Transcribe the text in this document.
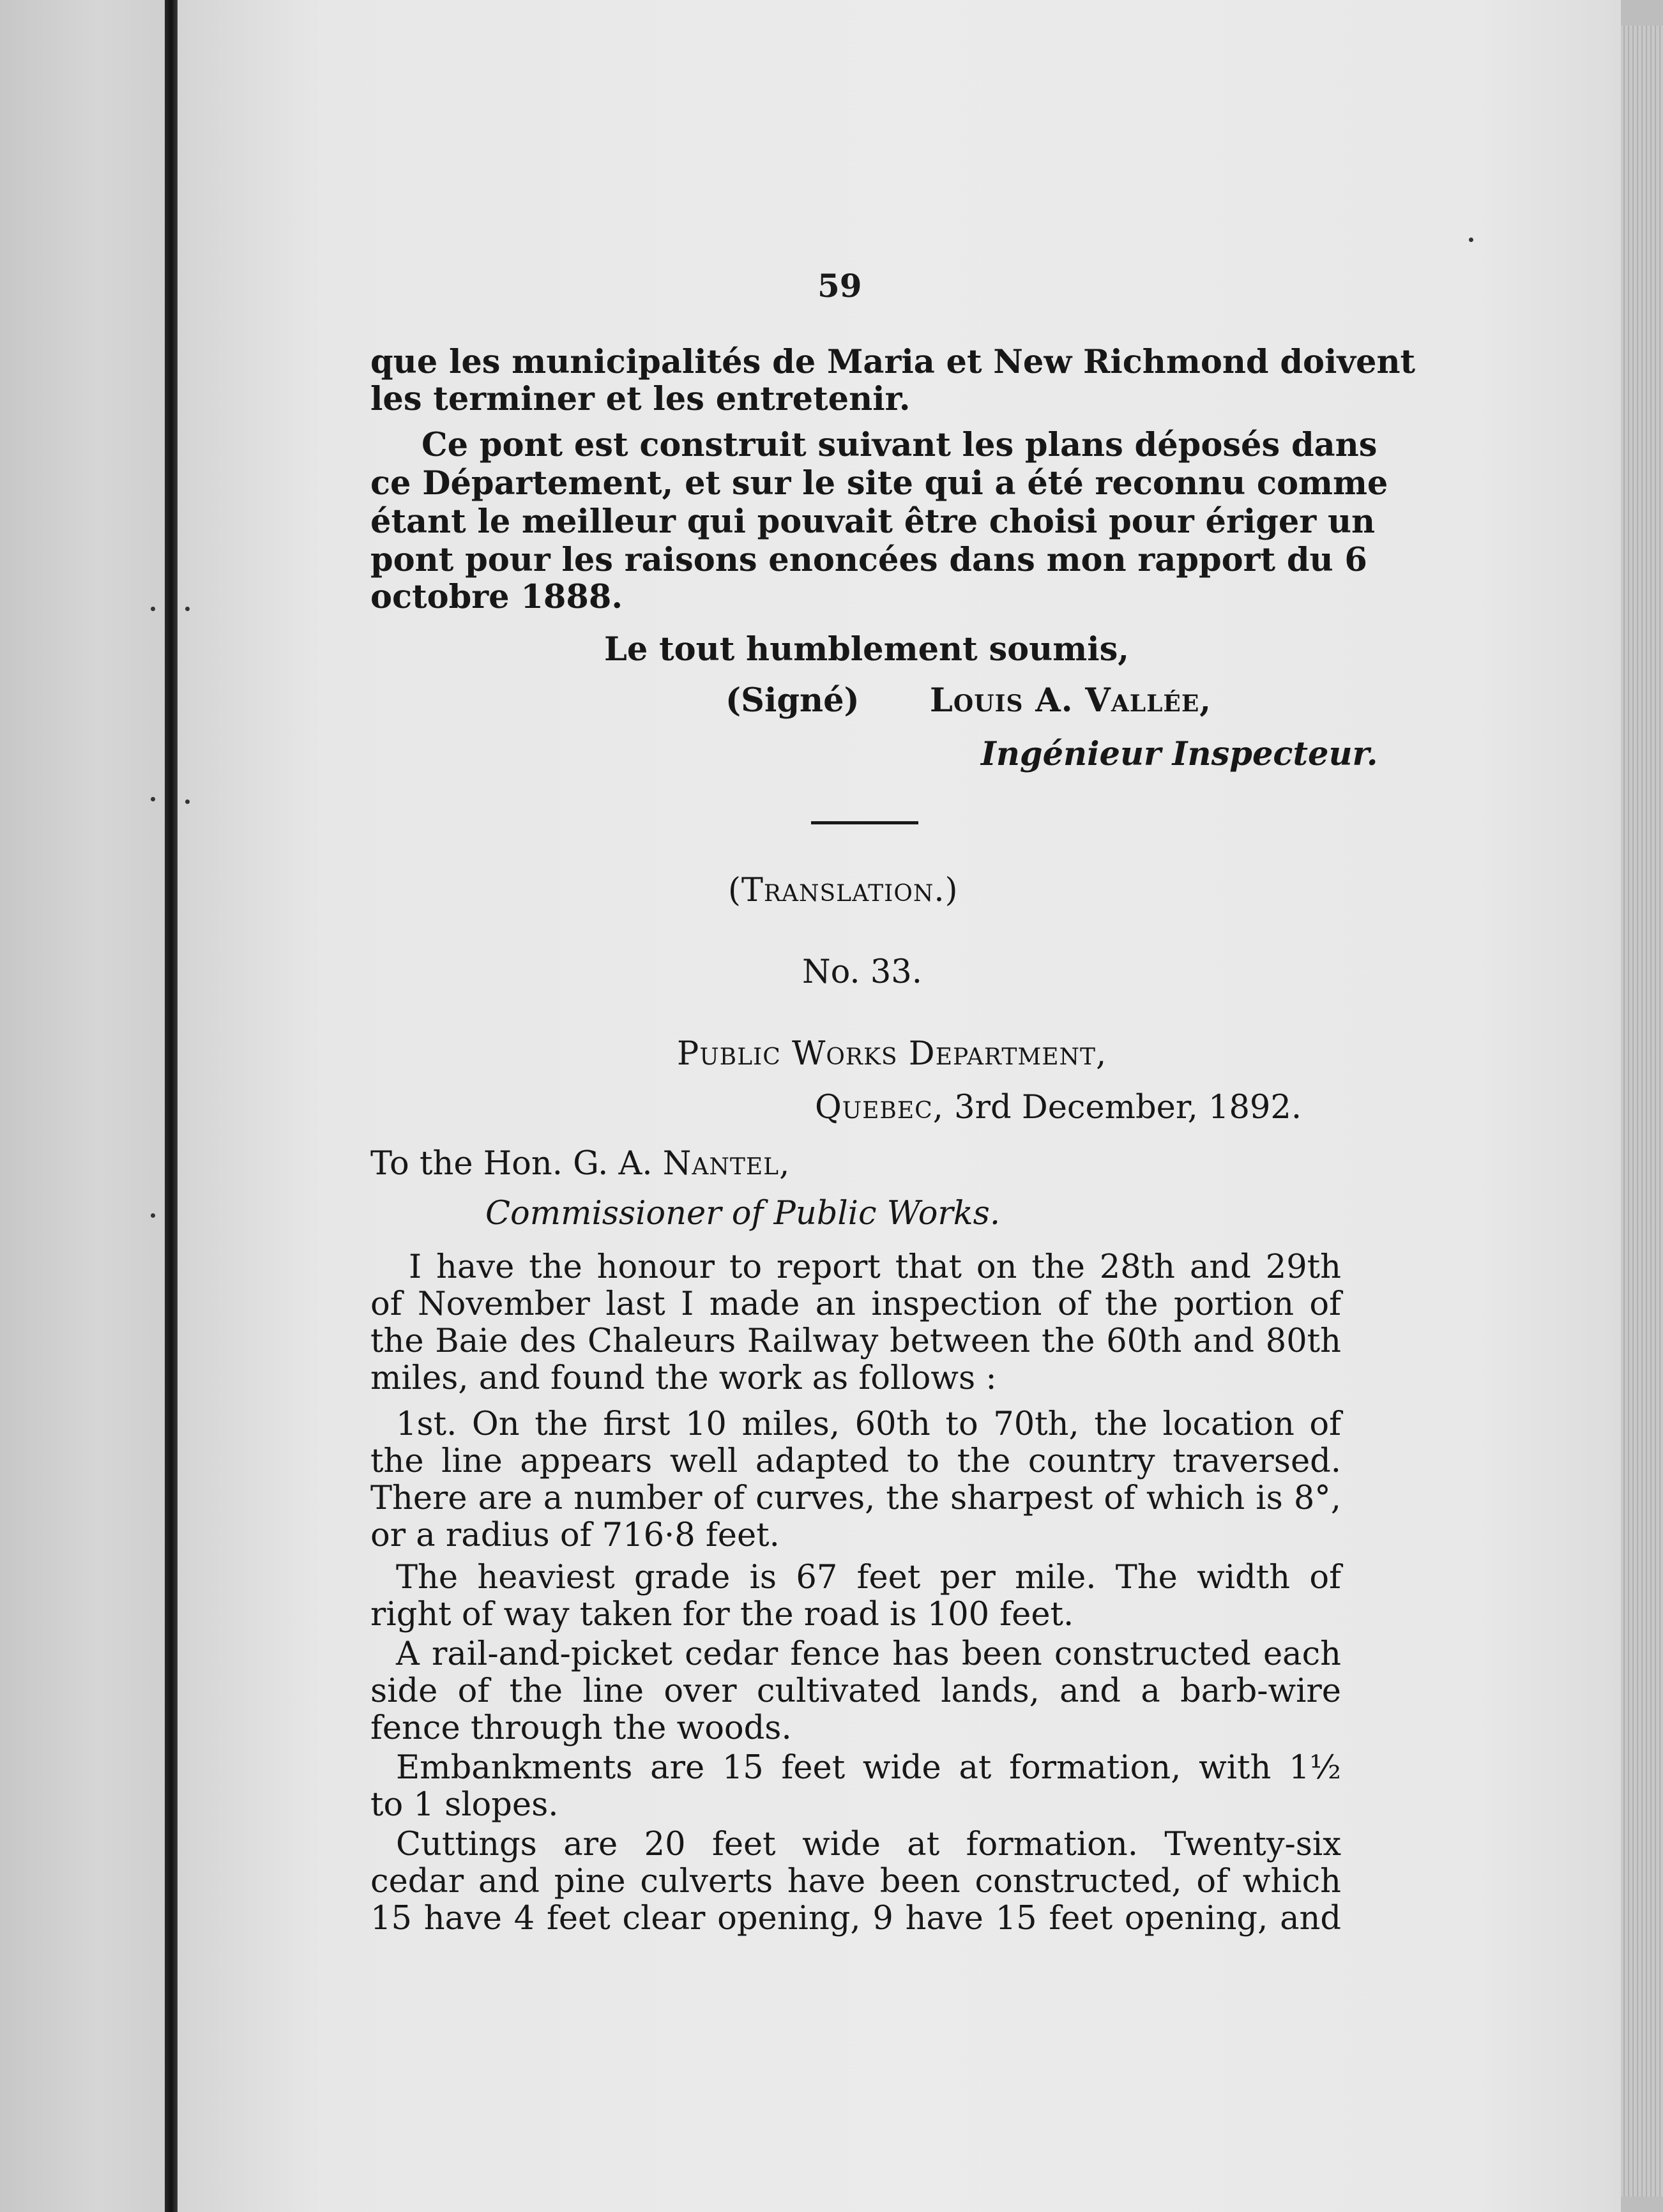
59
que les municipalités de Maria et New Richmond doivent
les terminer et les entretenir.
Ce pont est construit suivant les plans déposés dans
ce Département, et sur le site qui a été reconnu comme
étant le meilleur qui pouvait être choisi pour ériger un
pont pour les raisons enoncées dans mon rapport du 6
octobre 1888.
Le tout humblement soumis,
(Signé) Louis A. Vallée,
Ingénieur Inspecteur.
(Translation.)
No. 33.
Public Works Department,
Quebec, 3rd December, 1892.
To the Hon. G. A. Nantel,
Commissioner of Public Works.
I have the honour to report that on the 28th and 29th
of November last I made an inspection of the portion of
the Baie des Chaleurs Railway between the 60th and 80th
miles, and found the work as follows :
1st. On the first 10 miles, 60th to 70th, the location of
the line appears well adapted to the country traversed.
There are a number of curves, the sharpest of which is 8°,
or a radius of 716·8 feet.
The heaviest grade is 67 feet per mile. The width of
right of way taken for the road is 100 feet.
A rail-and-picket cedar fence has been constructed each
side of the line over cultivated lands, and a barb-wire
fence through the woods.
Embankments are 15 feet wide at formation, with 1½
to 1 slopes.
Cuttings are 20 feet wide at formation. Twenty-six
cedar and pine culverts have been constructed, of which
15 have 4 feet clear opening, 9 have 15 feet opening, and
